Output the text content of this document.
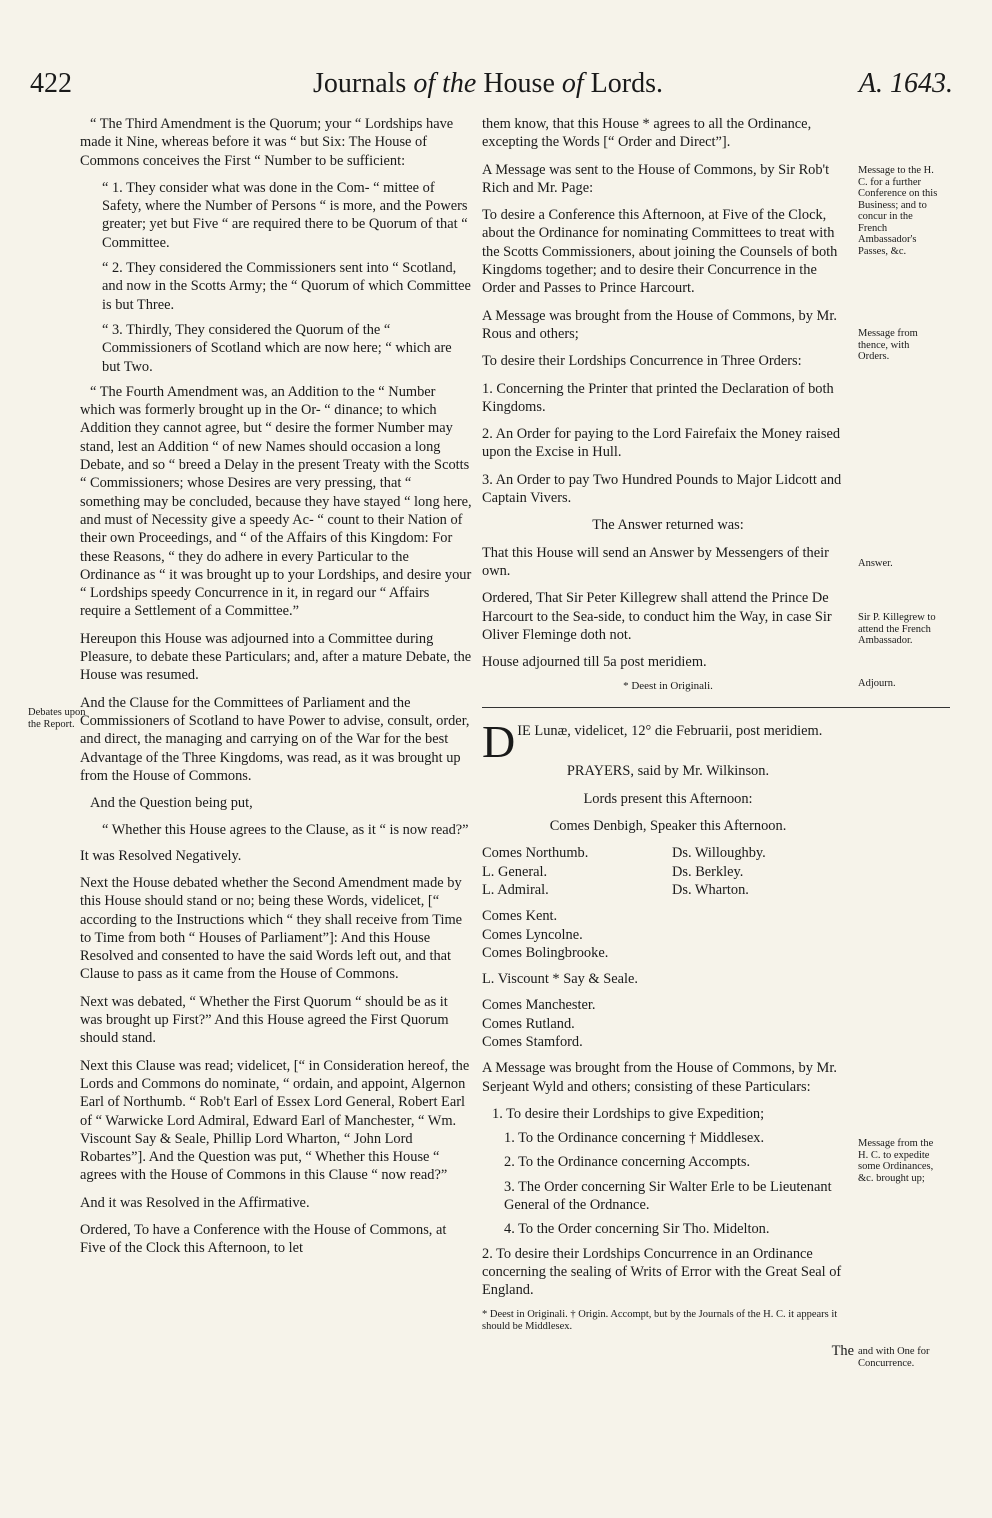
422	Journals of the House of Lords.	A. 1643.

“ The Third Amendment is the Quorum; your “ Lordships have made it Nine, whereas before it was “ but Six: The House of Commons conceives the First “ Number to be sufficient:

“ 1. They consider what was done in the Com- “ mittee of Safety, where the Number of Persons “ is more, and the Powers greater; yet but Five “ are required there to be Quorum of that “ Committee.

“ 2. They considered the Commissioners sent into “ Scotland, and now in the Scotts Army; the “ Quorum of which Committee is but Three.

“ 3. Thirdly, They considered the Quorum of the “ Commissioners of Scotland which are now here; “ which are but Two.

“ The Fourth Amendment was, an Addition to the “ Number which was formerly brought up in the Or- “ dinance; to which Addition they cannot agree, but “ desire the former Number may stand, lest an Addition “ of new Names should occasion a long Debate, and so “ breed a Delay in the present Treaty with the Scotts “ Commissioners; whose Desires are very pressing, that “ something may be concluded, because they have stayed “ long here, and must of Necessity give a speedy Ac- “ count to their Nation of their own Proceedings, and “ of the Affairs of this Kingdom: For these Reasons, “ they do adhere in every Particular to the Ordinance as “ it was brought up to your Lordships, and desire your “ Lordships speedy Concurrence in it, in regard our “ Affairs require a Settlement of a Committee.”

Hereupon this House was adjourned into a Committee during Pleasure, to debate these Particulars; and, after a mature Debate, the House was resumed.

And the Clause for the Committees of Parliament and the Commissioners of Scotland to have Power to advise, consult, order, and direct, the managing and carrying on of the War for the best Advantage of the Three Kingdoms, was read, as it was brought up from the House of Commons.

And the Question being put,

“ Whether this House agrees to the Clause, as it “ is now read?”

It was Resolved Negatively.

Next the House debated whether the Second Amendment made by this House should stand or no; being these Words, videlicet, [“ according to the Instructions which “ they shall receive from Time to Time from both “ Houses of Parliament”]: And this House Resolved and consented to have the said Words left out, and that Clause to pass as it came from the House of Commons.

Next was debated, “ Whether the First Quorum “ should be as it was brought up First?” And this House agreed the First Quorum should stand.

Next this Clause was read; videlicet, [“ in Consideration hereof, the Lords and Commons do nominate, “ ordain, and appoint, Algernon Earl of Northumb. “ Rob't Earl of Essex Lord General, Robert Earl of “ Warwicke Lord Admiral, Edward Earl of Manchester, “ Wm. Viscount Say & Seale, Phillip Lord Wharton, “ John Lord Robartes”]. And the Question was put, “ Whether this House “ agrees with the House of Commons in this Clause “ now read?”

And it was Resolved in the Affirmative.

Ordered, To have a Conference with the House of Commons, at Five of the Clock this Afternoon, to let

them know, that this House * agrees to all the Ordinance, excepting the Words [“ Order and Direct”].

A Message was sent to the House of Commons, by Sir Rob't Rich and Mr. Page:

To desire a Conference this Afternoon, at Five of the Clock, about the Ordinance for nominating Committees to treat with the Scotts Commissioners, about joining the Counsels of both Kingdoms together; and to desire their Concurrence in the Order and Passes to Prince Harcourt.

A Message was brought from the House of Commons, by Mr. Rous and others;

To desire their Lordships Concurrence in Three Orders:

1. Concerning the Printer that printed the Declaration of both Kingdoms.

2. An Order for paying to the Lord Fairefaix the Money raised upon the Excise in Hull.

3. An Order to pay Two Hundred Pounds to Major Lidcott and Captain Vivers.

The Answer returned was:

That this House will send an Answer by Messengers of their own.

Ordered, That Sir Peter Killegrew shall attend the Prince De Harcourt to the Sea-side, to conduct him the Way, in case Sir Oliver Fleminge doth not.

House adjourned till 5a post meridiem.

* Deest in Originali.

DIE Lunæ, videlicet, 12° die Februarii, post meridiem.

PRAYERS, said by Mr. Wilkinson.

Lords present this Afternoon:

Comes Denbigh, Speaker this Afternoon.

Comes Northumb.

L. General.

L. Admiral.

Comes Kent.

Comes Lyncolne.

Comes Bolingbrooke.

L. Viscount * Say & Seale.

Comes Manchester.

Comes Rutland.

Comes Stamford.

Ds. Willoughby.

Ds. Berkley.

Ds. Wharton.

A Message was brought from the House of Commons, by Mr. Serjeant Wyld and others; consisting of these Particulars:

1. To desire their Lordships to give Expedition;

1. To the Ordinance concerning † Middlesex.

2. To the Ordinance concerning Accompts.

3. The Order concerning Sir Walter Erle to be Lieutenant General of the Ordnance.

4. To the Order concerning Sir Tho. Midelton.

2. To desire their Lordships Concurrence in an Ordinance concerning the sealing of Writs of Error with the Great Seal of England.

* Deest in Originali. † Origin. Accompt, but by the Journals of the H. C. it appears it should be Middlesex.

The

Debates upon the Report.
Message to the H. C. for a further Conference on this Business; and to concur in the French Ambassador's Passes, &c.
Message from thence, with Orders.
Answer.
Sir P. Killegrew to attend the French Ambassador.
Adjourn.
Message from the H. C. to expedite some Ordinances, &c. brought up;
and with One for Concurrence.
